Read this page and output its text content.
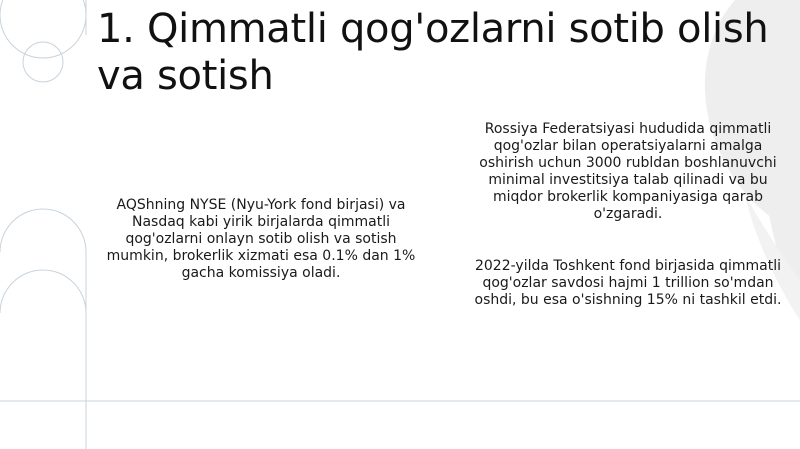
1. Qimmatli qog'ozlarni sotib olish va sotish

AQShning NYSE (Nyu-York fond birjasi) va Nasdaq kabi yirik birjalarda qimmatli qog'ozlarni onlayn sotib olish va sotish mumkin, brokerlik xizmati esa 0.1% dan 1% gacha komissiya oladi.

Rossiya Federatsiyasi hududida qimmatli qog'ozlar bilan operatsiyalarni amalga oshirish uchun 3000 rubldan boshlanuvchi minimal investitsiya talab qilinadi va bu miqdor brokerlik kompaniyasiga qarab o'zgaradi.

2022-yilda Toshkent fond birjasida qimmatli qog'ozlar savdosi hajmi 1 trillion so'mdan oshdi, bu esa o'sishning 15% ni tashkil etdi.
